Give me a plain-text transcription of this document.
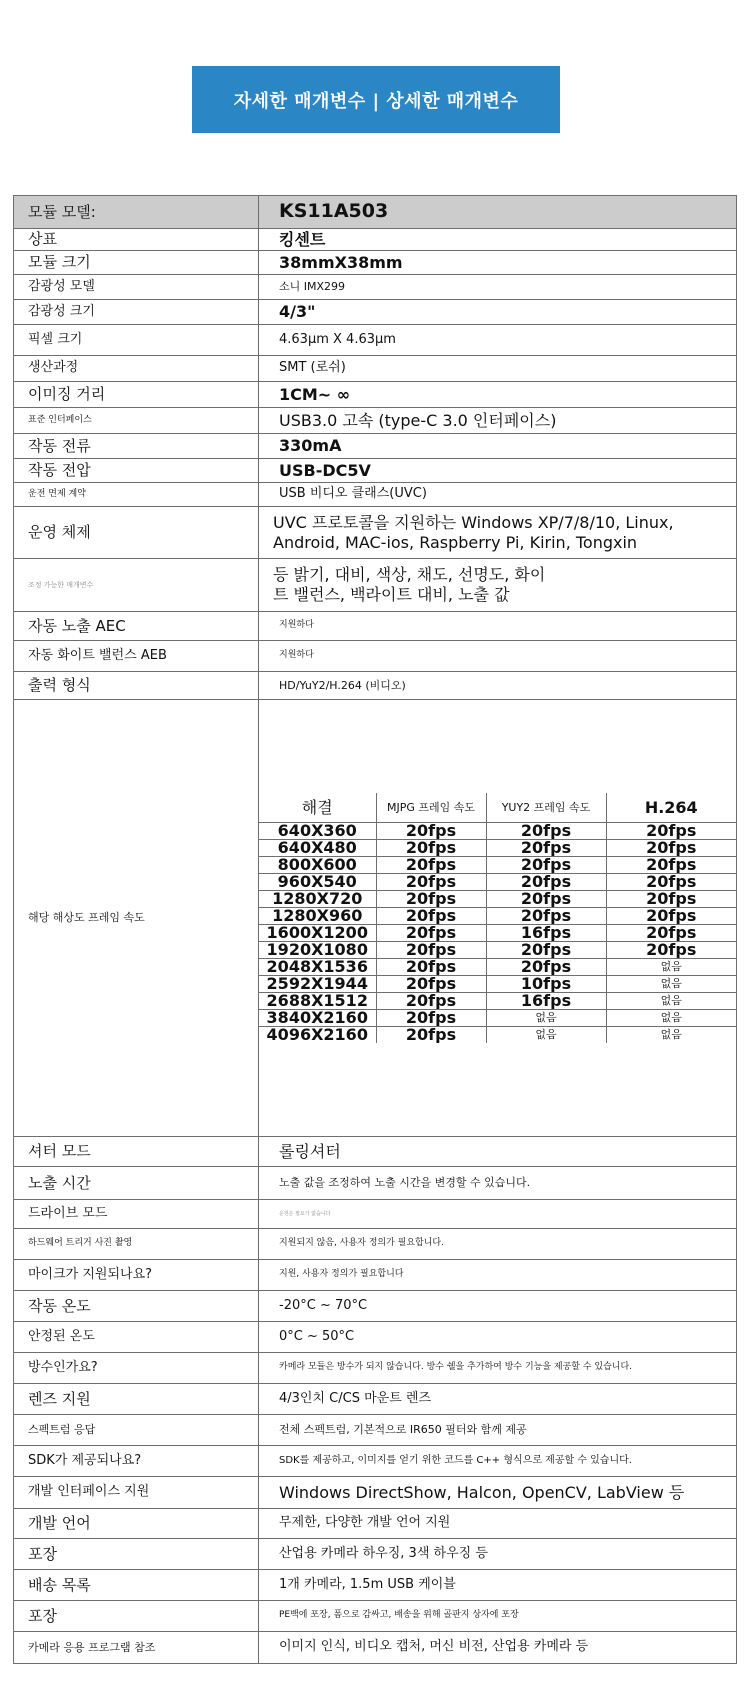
자세한 매개변수 | 상세한 매개변수
모듈 모델:	KS11A503
상표	킹센트
모듈 크기	38mmX38mm
감광성 모델	소니 IMX299
감광성 크기	4/3"
픽셀 크기	4.63μm X 4.63μm
생산과정	SMT (로쉬)
이미징 거리	1CM~ ∞
표준 인터페이스	USB3.0 고속 (type-C 3.0 인터페이스)
작동 전류	330mA
작동 전압	USB-DC5V
운전 면제 계약	USB 비디오 클래스(UVC)
운영 체제	UVC 프로토콜을 지원하는 Windows XP/7/8/10, Linux, Android, MAC-ios, Raspberry Pi, Kirin, Tongxin
조정 가능한 매개변수	등 밝기, 대비, 색상, 채도, 선명도, 화이트 밸런스, 백라이트 대비, 노출 값
자동 노출 AEC	지원하다
자동 화이트 밸런스 AEB	지원하다
출력 형식	HD/YuY2/H.264 (비디오)
해당 해상도 프레임 속도	
해결	MJPG 프레임 속도	YUY2 프레임 속도	H.264
640X360	20fps	20fps	20fps
640X480	20fps	20fps	20fps
800X600	20fps	20fps	20fps
960X540	20fps	20fps	20fps
1280X720	20fps	20fps	20fps
1280X960	20fps	20fps	20fps
1600X1200	20fps	16fps	20fps
1920X1080	20fps	20fps	20fps
2048X1536	20fps	20fps	없음
2592X1944	20fps	10fps	없음
2688X1512	20fps	16fps	없음
3840X2160	20fps	없음	없음
4096X2160	20fps	없음	없음

셔터 모드	롤링셔터
노출 시간	노출 값을 조정하여 노출 시간을 변경할 수 있습니다.
드라이브 모드	운전은 필요가 없습니다
하드웨어 트리거 사진 촬영	지원되지 않음, 사용자 정의가 필요합니다.
마이크가 지원되나요?	지원, 사용자 정의가 필요합니다
작동 온도	-20°C ~ 70°C
안정된 온도	0°C ~ 50°C
방수인가요?	카메라 모듈은 방수가 되지 않습니다. 방수 쉘을 추가하여 방수 기능을 제공할 수 있습니다.
렌즈 지원	4/3인치 C/CS 마운트 렌즈
스펙트럼 응답	전체 스펙트럼, 기본적으로 IR650 필터와 함께 제공
SDK가 제공되나요?	SDK를 제공하고, 이미지를 얻기 위한 코드를 C++ 형식으로 제공할 수 있습니다.
개발 인터페이스 지원	Windows DirectShow, Halcon, OpenCV, LabView 등
개발 언어	무제한, 다양한 개발 언어 지원
포장	산업용 카메라 하우징, 3색 하우징 등
배송 목록	1개 카메라, 1.5m USB 케이블
포장	PE백에 포장, 폼으로 감싸고, 배송을 위해 골판지 상자에 포장
카메라 응용 프로그램 참조	이미지 인식, 비디오 캡처, 머신 비전, 산업용 카메라 등
